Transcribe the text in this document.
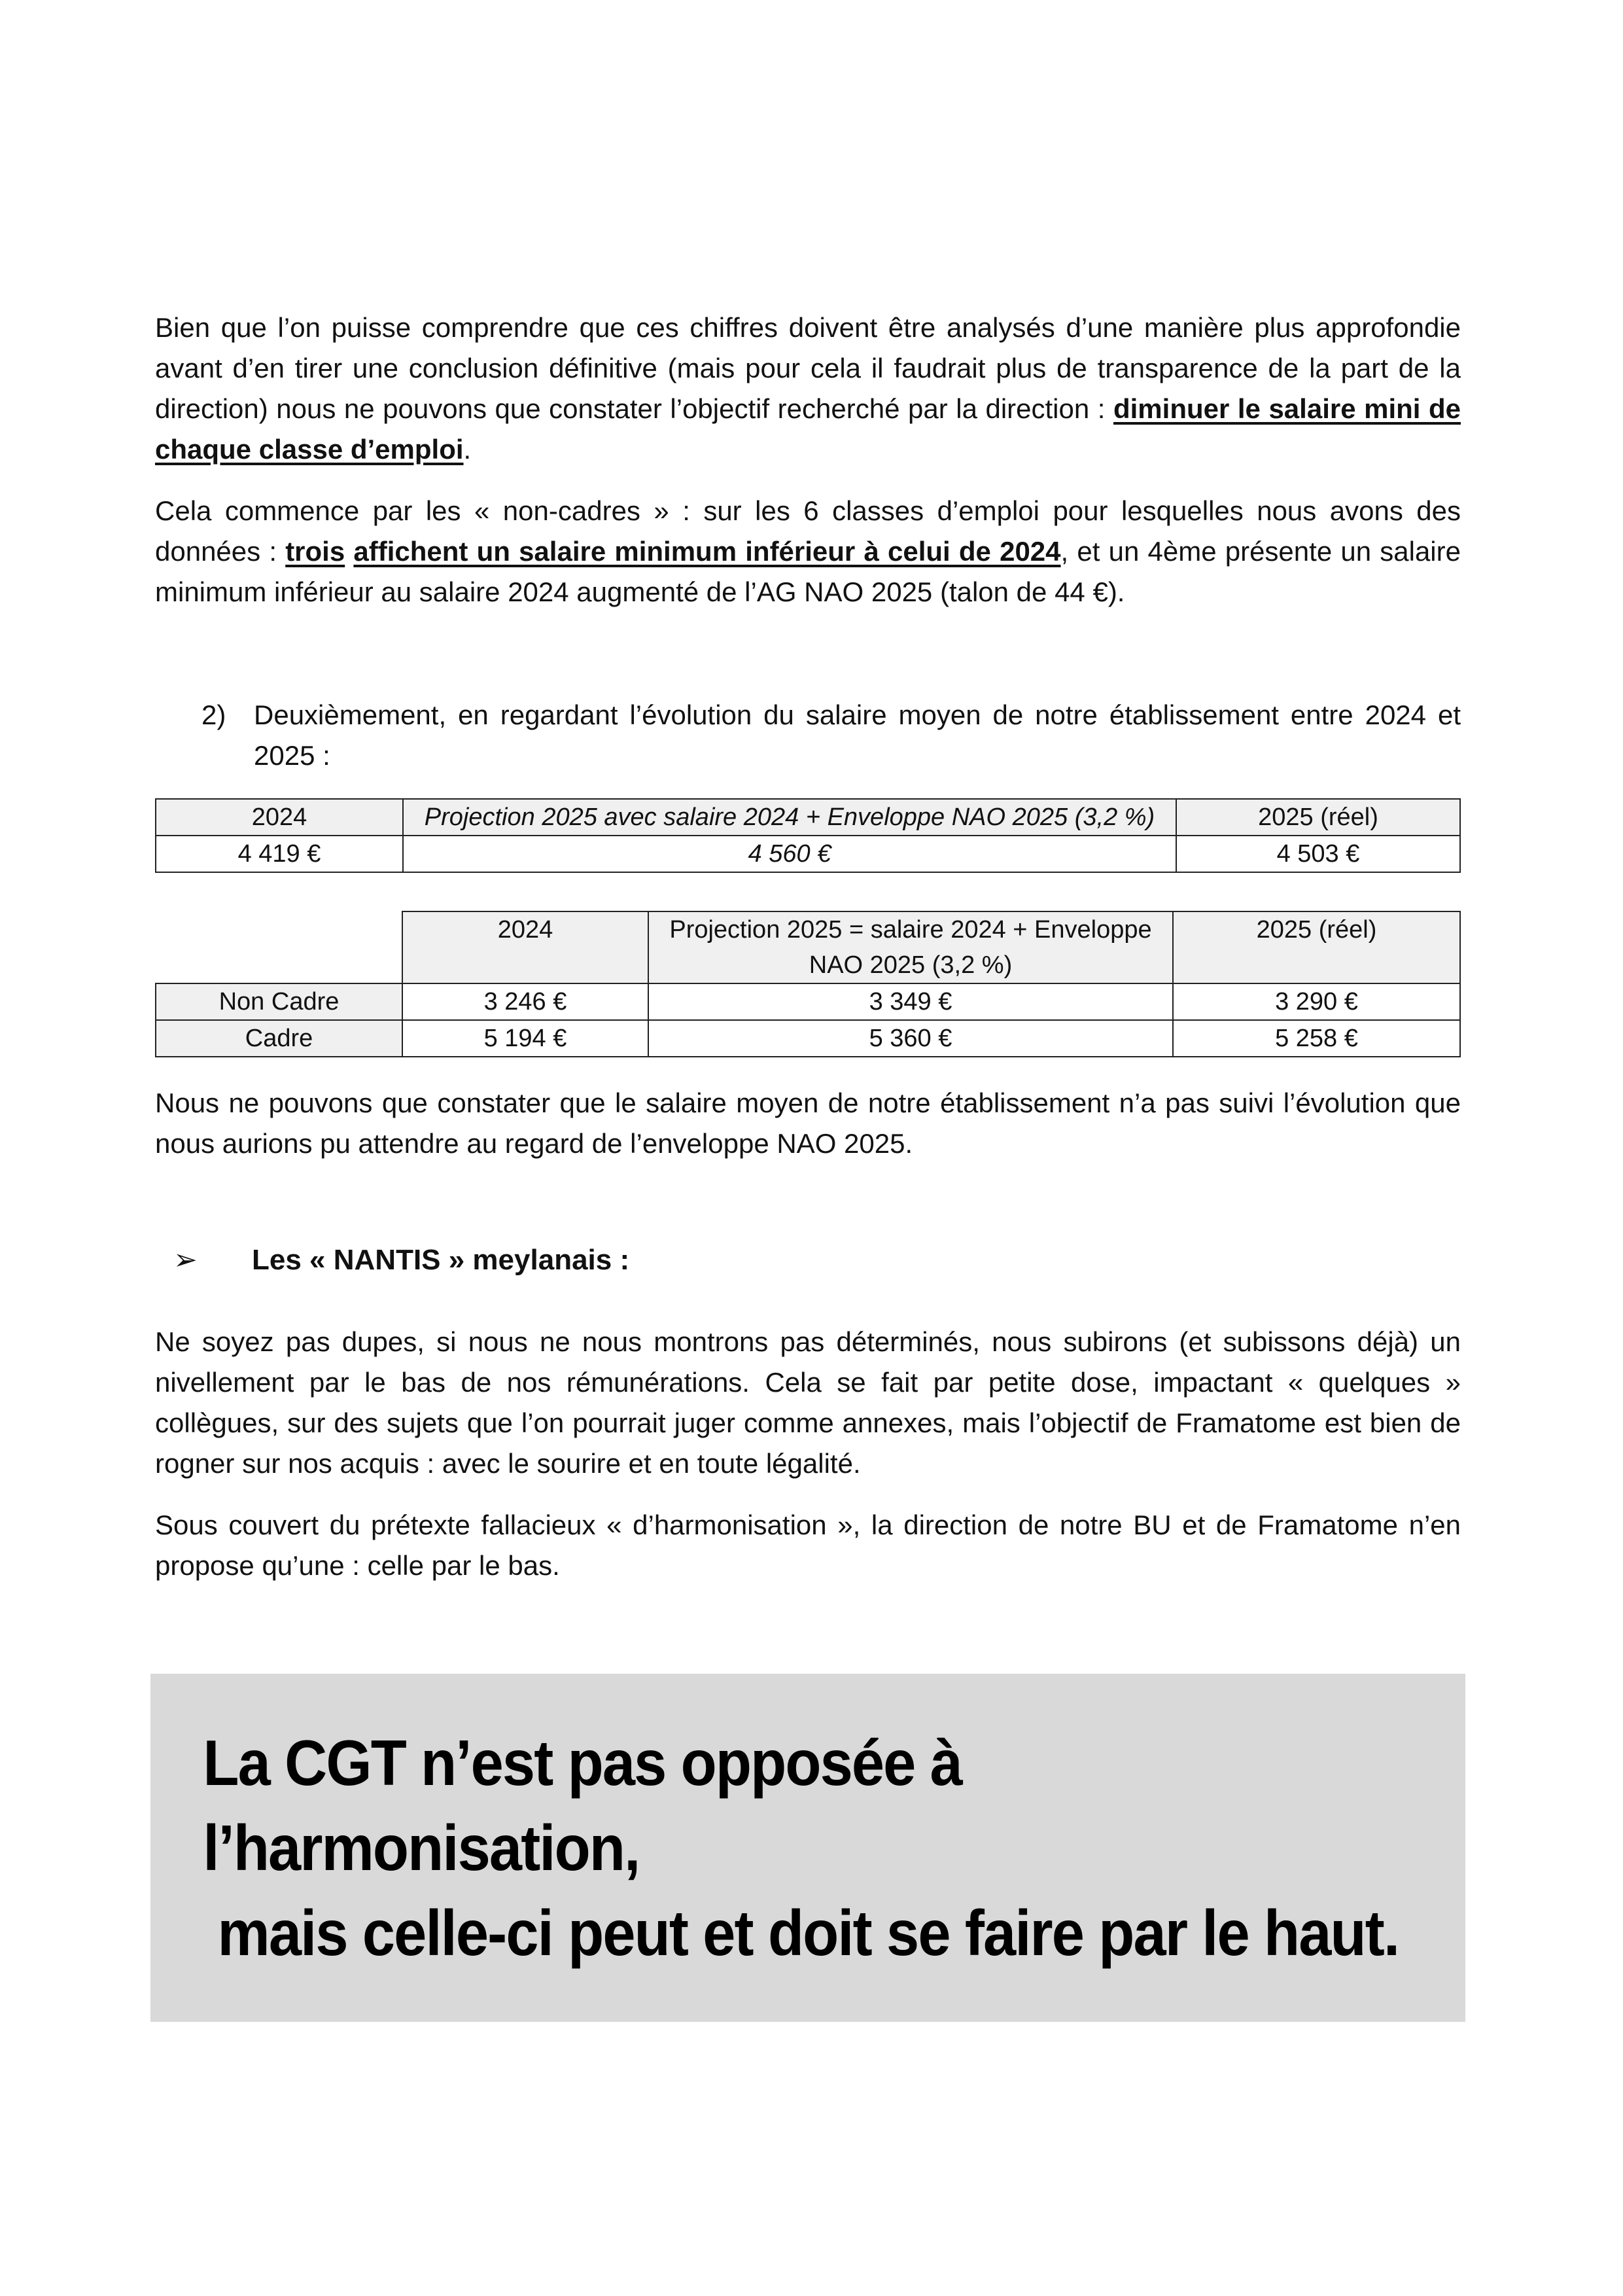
Bien que l’on puisse comprendre que ces chiffres doivent être analysés d’une manière plus approfondie avant d’en tirer une conclusion définitive (mais pour cela il faudrait plus de transparence de la part de la direction) nous ne pouvons que constater l’objectif recherché par la direction : diminuer le salaire mini de chaque classe d’emploi.

Cela commence par les « non-cadres » : sur les 6 classes d’emploi pour lesquelles nous avons des données : trois affichent un salaire minimum inférieur à celui de 2024, et un 4ème présente un salaire minimum inférieur au salaire 2024 augmenté de l’AG NAO 2025 (talon de 44 €).

2)	Deuxièmement, en regardant l’évolution du salaire moyen de notre établissement entre 2024 et 2025 :
2024	Projection 2025 avec salaire 2024 + Enveloppe NAO 2025 (3,2 %)	2025 (réel)
4 419 €	4 560 €	4 503 €
	2024	Projection 2025 = salaire 2024 + Enveloppe NAO 2025 (3,2 %)	2025 (réel)
Non Cadre	3 246 €	3 349 €	3 290 €
Cadre	5 194 €	5 360 €	5 258 €

Nous ne pouvons que constater que le salaire moyen de notre établissement n’a pas suivi l’évolution que nous aurions pu attendre au regard de l’enveloppe NAO 2025.

➢ Les « NANTIS » meylanais :

Ne soyez pas dupes, si nous ne nous montrons pas déterminés, nous subirons (et subissons déjà) un nivellement par le bas de nos rémunérations. Cela se fait par petite dose, impactant « quelques » collègues, sur des sujets que l’on pourrait juger comme annexes, mais l’objectif de Framatome est bien de rogner sur nos acquis : avec le sourire et en toute légalité.

Sous couvert du prétexte fallacieux « d’harmonisation », la direction de notre BU et de Framatome n’en propose qu’une : celle par le bas.

La CGT n’est pas opposée à l’harmonisation,
mais celle-ci peut et doit se faire par le haut.
